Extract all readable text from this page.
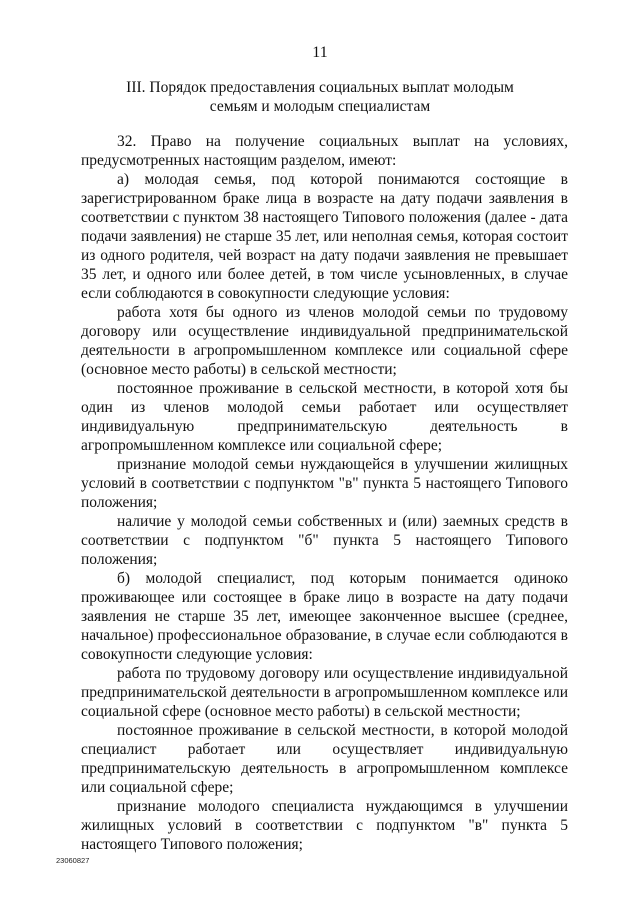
11
III. Порядок предоставления социальных выплат молодым семьям и молодым специалистам

32. Право на получение социальных выплат на условиях, предусмотренных настоящим разделом, имеют:

а) молодая семья, под которой понимаются состоящие в зарегистрированном браке лица в возрасте на дату подачи заявления в соответствии с пунктом 38 настоящего Типового положения (далее - дата подачи заявления) не старше 35 лет, или неполная семья, которая состоит из одного родителя, чей возраст на дату подачи заявления не превышает 35 лет, и одного или более детей, в том числе усыновленных, в случае если соблюдаются в совокупности следующие условия:

работа хотя бы одного из членов молодой семьи по трудовому договору или осуществление индивидуальной предпринимательской деятельности в агропромышленном комплексе или социальной сфере (основное место работы) в сельской местности;

постоянное проживание в сельской местности, в которой хотя бы один из членов молодой семьи работает или осуществляет индивидуальную предпринимательскую деятельность в агропромышленном комплексе или социальной сфере;

признание молодой семьи нуждающейся в улучшении жилищных условий в соответствии с подпунктом "в" пункта 5 настоящего Типового положения;

наличие у молодой семьи собственных и (или) заемных средств в соответствии с подпунктом "б" пункта 5 настоящего Типового положения;

б) молодой специалист, под которым понимается одиноко проживающее или состоящее в браке лицо в возрасте на дату подачи заявления не старше 35 лет, имеющее законченное высшее (среднее, начальное) профессиональное образование, в случае если соблюдаются в совокупности следующие условия:

работа по трудовому договору или осуществление индивидуальной предпринимательской деятельности в агропромышленном комплексе или социальной сфере (основное место работы) в сельской местности;

постоянное проживание в сельской местности, в которой молодой специалист работает или осуществляет индивидуальную предпринимательскую деятельность в агропромышленном комплексе или социальной сфере;

признание молодого специалиста нуждающимся в улучшении жилищных условий в соответствии с подпунктом "в" пункта 5 настоящего Типового положения;

23060827
